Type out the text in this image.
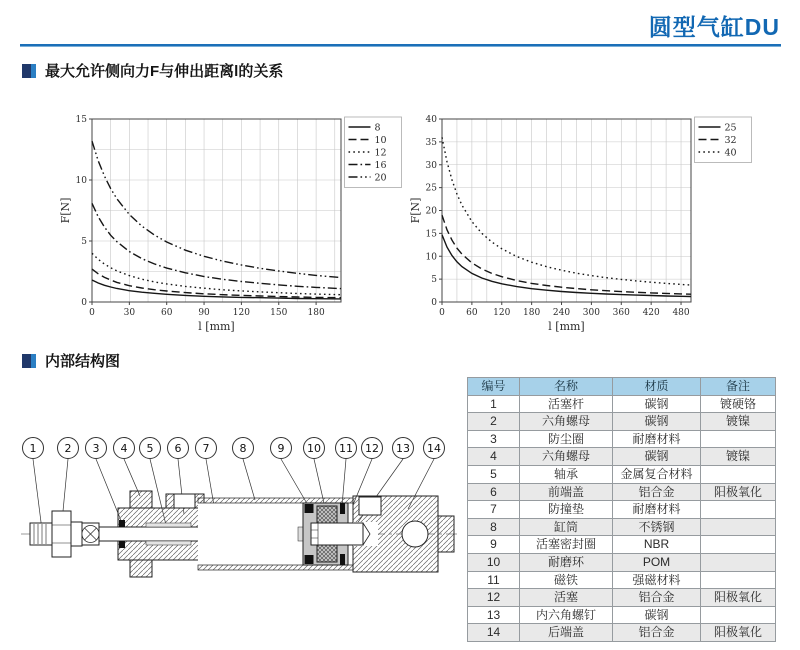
圆型气缸DU
最大允许侧向力F与伸出距离l的关系
0	30	60	90	120 150 180
0
5
10
15
l [mm]
F[N]
8
10
12
16
20
0 60 120 180 240 300 360 420 480
0
5
10
15
20
25
30
35
40
l [mm]
F[N]
25
32
40
内部结构图
1	2 3 4 5 6 7	8	9 10 11 12 13 14
编号	名称	材质	备注
1	活塞杆	碳钢	镀硬铬
2	六角螺母	碳钢	镀镍
3	防尘圈	耐磨材料	
4	六角螺母	碳钢	镀镍
5	轴承	金属复合材料	
6	前端盖	铝合金	阳极氧化
7	防撞垫	耐磨材料	
8	缸筒	不锈钢	
9	活塞密封圈	NBR	
10	耐磨环	POM	
11	磁铁	强磁材料	
12	活塞	铝合金	阳极氧化
13	内六角螺钉	碳钢	
14	后端盖	铝合金	阳极氧化
